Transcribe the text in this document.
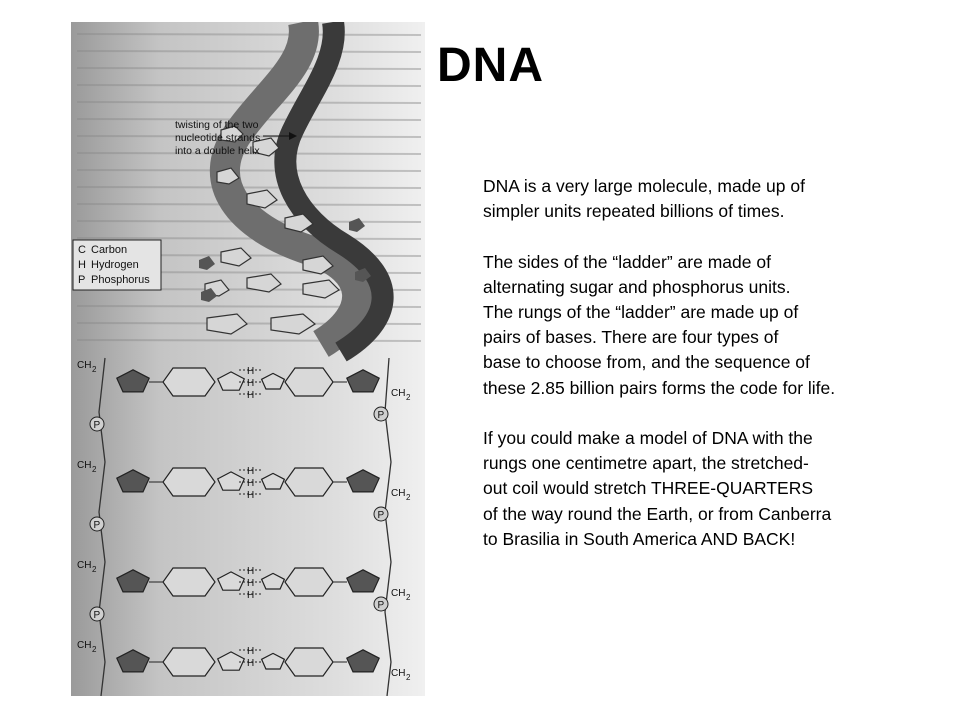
twisting of the two
nucleotide strands
into a double helix
C Carbon
H Hydrogen
P Phosphorus
H
H
H
CH 2
CH 2
P
P
H
H
H
CH 2
CH 2
P
P
H
H
H
CH 2
CH 2
P
P
H
H
CH 2
CH 2
DNA
DNA is a very large molecule, made up of
simpler units repeated billions of times.
The sides of the “ladder” are made of
alternating sugar and phosphorus units.
The rungs of the “ladder” are made up of
pairs of bases. There are four types of
base to choose from, and the sequence of
these 2.85 billion pairs forms the code for life.
If you could make a model of DNA with the
rungs one centimetre apart, the stretched-
out coil would stretch THREE-QUARTERS
of the way round the Earth, or from Canberra
to Brasilia in South America AND BACK!
